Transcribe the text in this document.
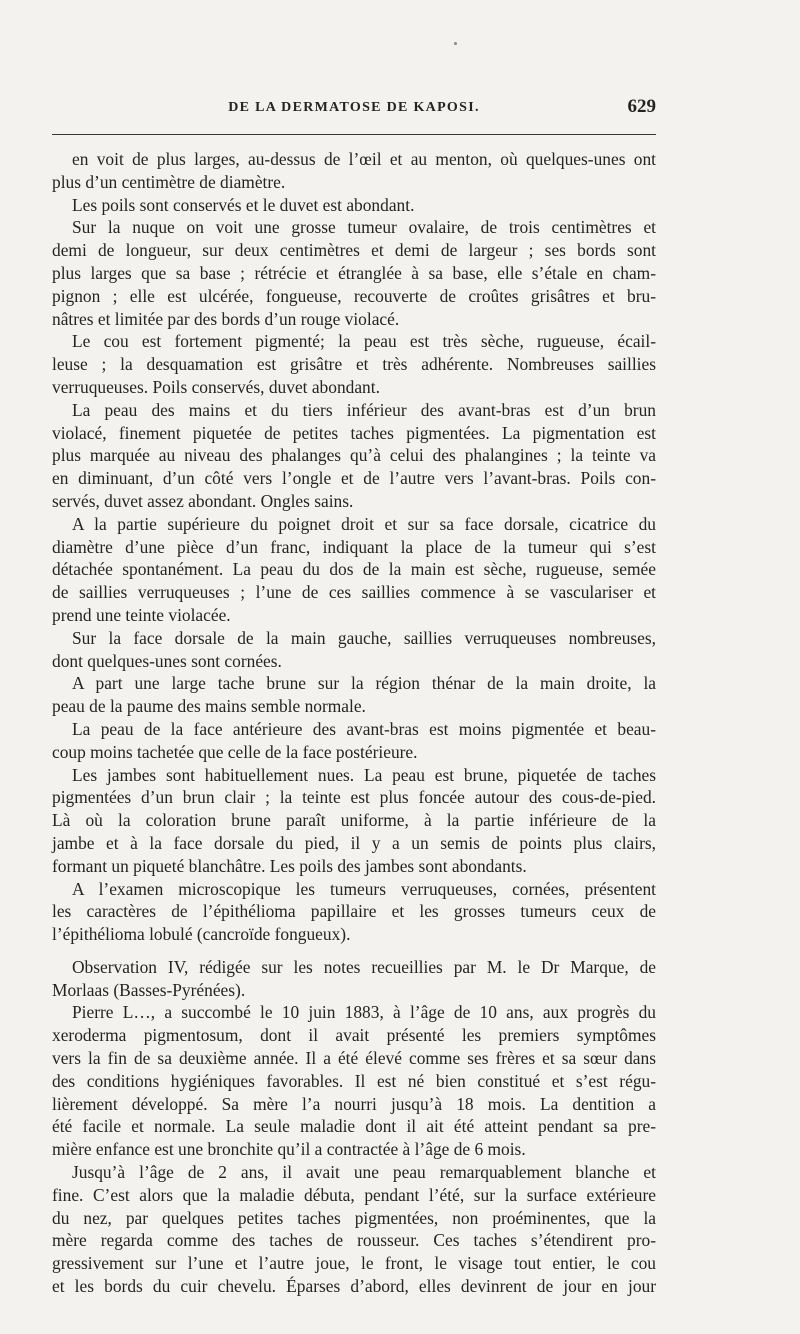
DE LA DERMATOSE DE KAPOSI.	629
en voit de plus larges, au-dessus de l’œil et au menton, où quelques-unes ont
plus d’un centimètre de diamètre.
Les poils sont conservés et le duvet est abondant.
Sur la nuque on voit une grosse tumeur ovalaire, de trois centimètres et
demi de longueur, sur deux centimètres et demi de largeur ; ses bords sont
plus larges que sa base ; rétrécie et étranglée à sa base, elle s’étale en cham-
pignon ; elle est ulcérée, fongueuse, recouverte de croûtes grisâtres et bru-
nâtres et limitée par des bords d’un rouge violacé.
Le cou est fortement pigmenté; la peau est très sèche, rugueuse, écail-
leuse ; la desquamation est grisâtre et très adhérente. Nombreuses saillies
verruqueuses. Poils conservés, duvet abondant.
La peau des mains et du tiers inférieur des avant-bras est d’un brun
violacé, finement piquetée de petites taches pigmentées. La pigmentation est
plus marquée au niveau des phalanges qu’à celui des phalangines ; la teinte va
en diminuant, d’un côté vers l’ongle et de l’autre vers l’avant-bras. Poils con-
servés, duvet assez abondant. Ongles sains.
A la partie supérieure du poignet droit et sur sa face dorsale, cicatrice du
diamètre d’une pièce d’un franc, indiquant la place de la tumeur qui s’est
détachée spontanément. La peau du dos de la main est sèche, rugueuse, semée
de saillies verruqueuses ; l’une de ces saillies commence à se vasculariser et
prend une teinte violacée.
Sur la face dorsale de la main gauche, saillies verruqueuses nombreuses,
dont quelques-unes sont cornées.
A part une large tache brune sur la région thénar de la main droite, la
peau de la paume des mains semble normale.
La peau de la face antérieure des avant-bras est moins pigmentée et beau-
coup moins tachetée que celle de la face postérieure.
Les jambes sont habituellement nues. La peau est brune, piquetée de taches
pigmentées d’un brun clair ; la teinte est plus foncée autour des cous-de-pied.
Là où la coloration brune paraît uniforme, à la partie inférieure de la
jambe et à la face dorsale du pied, il y a un semis de points plus clairs,
formant un piqueté blanchâtre. Les poils des jambes sont abondants.
A l’examen microscopique les tumeurs verruqueuses, cornées, présentent
les caractères de l’épithélioma papillaire et les grosses tumeurs ceux de
l’épithélioma lobulé (cancroïde fongueux).
Observation IV, rédigée sur les notes recueillies par M. le Dr Marque, de
Morlaas (Basses-Pyrénées).
Pierre L…, a succombé le 10 juin 1883, à l’âge de 10 ans, aux progrès du
xeroderma pigmentosum, dont il avait présenté les premiers symptômes
vers la fin de sa deuxième année. Il a été élevé comme ses frères et sa sœur dans
des conditions hygiéniques favorables. Il est né bien constitué et s’est régu-
lièrement développé. Sa mère l’a nourri jusqu’à 18 mois. La dentition a
été facile et normale. La seule maladie dont il ait été atteint pendant sa pre-
mière enfance est une bronchite qu’il a contractée à l’âge de 6 mois.
Jusqu’à l’âge de 2 ans, il avait une peau remarquablement blanche et
fine. C’est alors que la maladie débuta, pendant l’été, sur la surface extérieure
du nez, par quelques petites taches pigmentées, non proéminentes, que la
mère regarda comme des taches de rousseur. Ces taches s’étendirent pro-
gressivement sur l’une et l’autre joue, le front, le visage tout entier, le cou
et les bords du cuir chevelu. Éparses d’abord, elles devinrent de jour en jour
